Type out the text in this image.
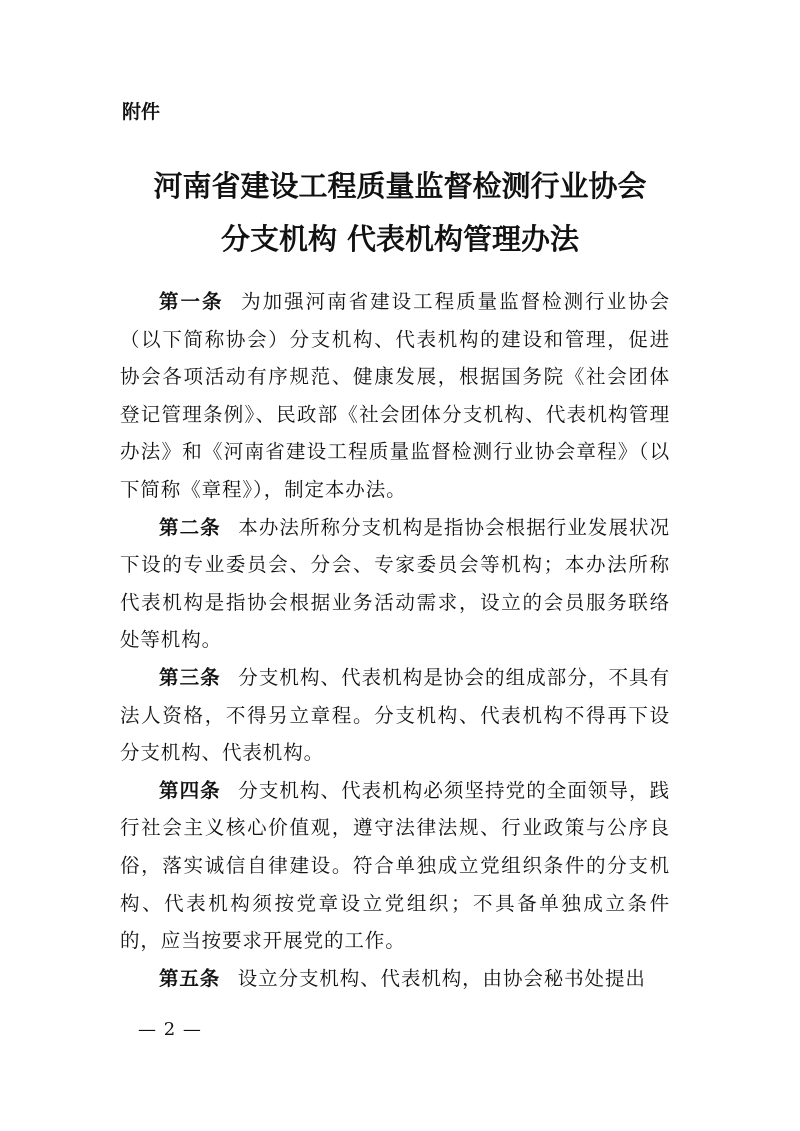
附件
河南省建设工程质量监督检测行业协会
分支机构 代表机构管理办法

第一条 为加强河南省建设工程质量监督检测行业协会（以下简称协会）分支机构、代表机构的建设和管理，促进协会各项活动有序规范、健康发展，根据国务院《社会团体登记管理条例》、民政部《社会团体分支机构、代表机构管理办法》和《河南省建设工程质量监督检测行业协会章程》（以下简称《章程》），制定本办法。

第二条 本办法所称分支机构是指协会根据行业发展状况下设的专业委员会、分会、专家委员会等机构；本办法所称代表机构是指协会根据业务活动需求，设立的会员服务联络处等机构。

第三条 分支机构、代表机构是协会的组成部分，不具有法人资格，不得另立章程。分支机构、代表机构不得再下设分支机构、代表机构。

第四条 分支机构、代表机构必须坚持党的全面领导，践行社会主义核心价值观，遵守法律法规、行业政策与公序良俗，落实诚信自律建设。符合单独成立党组织条件的分支机构、代表机构须按党章设立党组织；不具备单独成立条件的，应当按要求开展党的工作。

第五条 设立分支机构、代表机构，由协会秘书处提出

— 2 —
